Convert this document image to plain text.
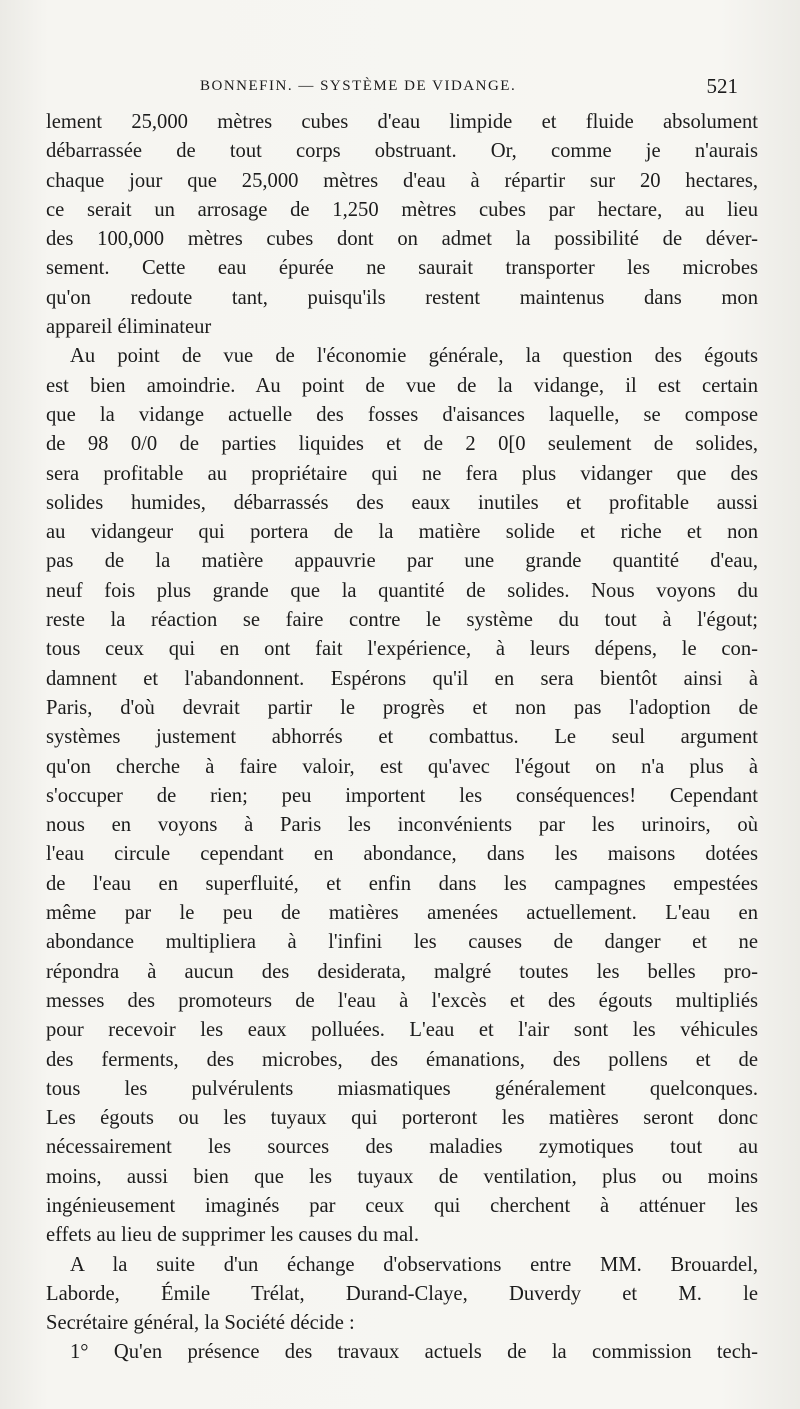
BONNEFIN. — SYSTÈME DE VIDANGE.	521
lement 25,000 mètres cubes d'eau limpide et fluide absolument
débarrassée de tout corps obstruant. Or, comme je n'aurais
chaque jour que 25,000 mètres d'eau à répartir sur 20 hectares,
ce serait un arrosage de 1,250 mètres cubes par hectare, au lieu
des 100,000 mètres cubes dont on admet la possibilité de déver-
sement. Cette eau épurée ne saurait transporter les microbes
qu'on redoute tant, puisqu'ils restent maintenus dans mon
appareil éliminateur
Au point de vue de l'économie générale, la question des égouts
est bien amoindrie. Au point de vue de la vidange, il est certain
que la vidange actuelle des fosses d'aisances laquelle, se compose
de 98 0/0 de parties liquides et de 2 0[0 seulement de solides,
sera profitable au propriétaire qui ne fera plus vidanger que des
solides humides, débarrassés des eaux inutiles et profitable aussi
au vidangeur qui portera de la matière solide et riche et non
pas de la matière appauvrie par une grande quantité d'eau,
neuf fois plus grande que la quantité de solides. Nous voyons du
reste la réaction se faire contre le système du tout à l'égout;
tous ceux qui en ont fait l'expérience, à leurs dépens, le con-
damnent et l'abandonnent. Espérons qu'il en sera bientôt ainsi à
Paris, d'où devrait partir le progrès et non pas l'adoption de
systèmes justement abhorrés et combattus. Le seul argument
qu'on cherche à faire valoir, est qu'avec l'égout on n'a plus à
s'occuper de rien; peu importent les conséquences! Cependant
nous en voyons à Paris les inconvénients par les urinoirs, où
l'eau circule cependant en abondance, dans les maisons dotées
de l'eau en superfluité, et enfin dans les campagnes empestées
même par le peu de matières amenées actuellement. L'eau en
abondance multipliera à l'infini les causes de danger et ne
répondra à aucun des desiderata, malgré toutes les belles pro-
messes des promoteurs de l'eau à l'excès et des égouts multipliés
pour recevoir les eaux polluées. L'eau et l'air sont les véhicules
des ferments, des microbes, des émanations, des pollens et de
tous les pulvérulents miasmatiques généralement quelconques.
Les égouts ou les tuyaux qui porteront les matières seront donc
nécessairement les sources des maladies zymotiques tout au
moins, aussi bien que les tuyaux de ventilation, plus ou moins
ingénieusement imaginés par ceux qui cherchent à atténuer les
effets au lieu de supprimer les causes du mal.
A la suite d'un échange d'observations entre MM. Brouardel,
Laborde, Émile Trélat, Durand-Claye, Duverdy et M. le
Secrétaire général, la Société décide :
1° Qu'en présence des travaux actuels de la commission tech-
